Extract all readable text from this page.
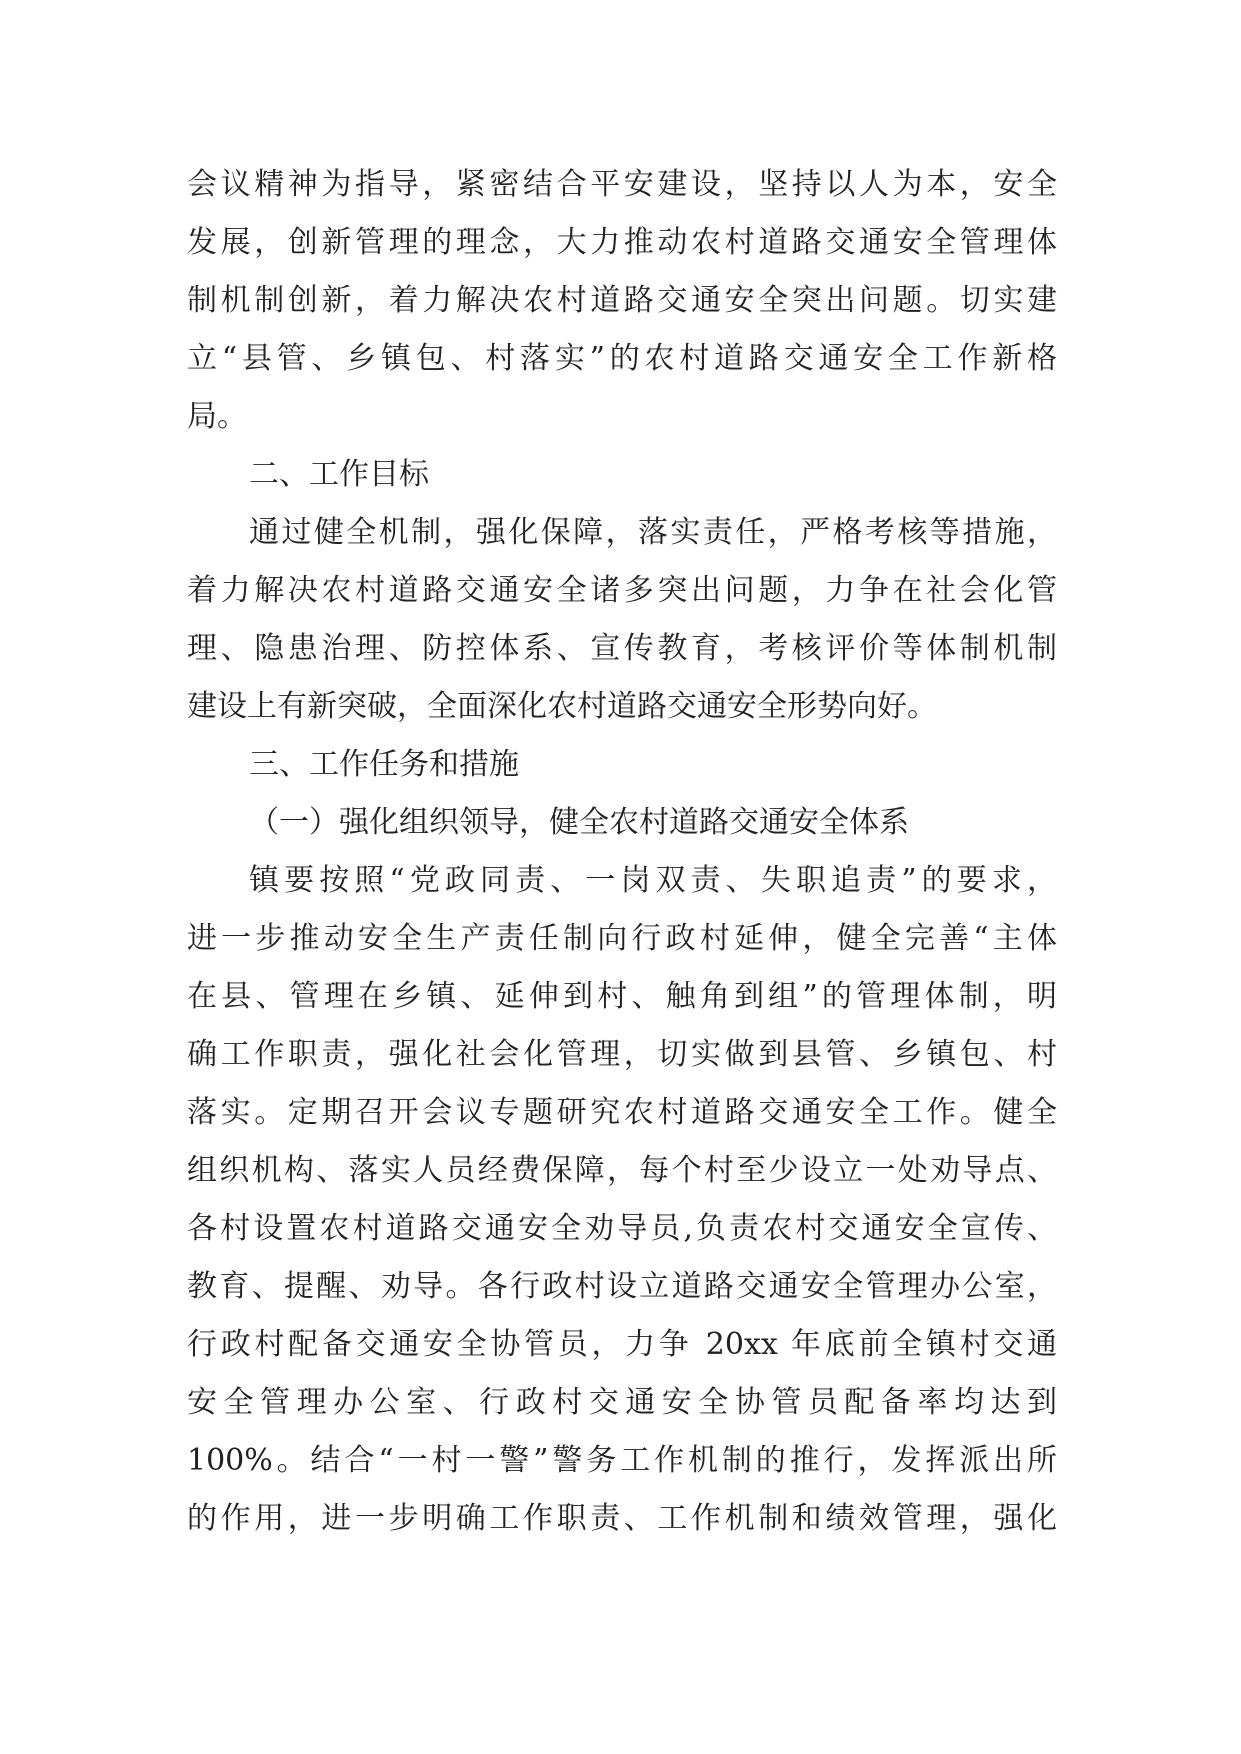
会议精神为指导，紧密结合平安建设，坚持以人为本，安全
发展，创新管理的理念，大力推动农村道路交通安全管理体
制机制创新，着力解决农村道路交通安全突出问题。切实建
立“县管、乡镇包、村落实”的农村道路交通安全工作新格
局。
二、工作目标
通过健全机制，强化保障，落实责任，严格考核等措施，
着力解决农村道路交通安全诸多突出问题，力争在社会化管
理、隐患治理、防控体系、宣传教育，考核评价等体制机制
建设上有新突破，全面深化农村道路交通安全形势向好。
三、工作任务和措施
（一）强化组织领导，健全农村道路交通安全体系
镇要按照“党政同责、一岗双责、失职追责”的要求，
进一步推动安全生产责任制向行政村延伸，健全完善“主体
在县、管理在乡镇、延伸到村、触角到组”的管理体制，明
确工作职责，强化社会化管理，切实做到县管、乡镇包、村
落实。定期召开会议专题研究农村道路交通安全工作。健全
组织机构、落实人员经费保障，每个村至少设立一处劝导点、
各村设置农村道路交通安全劝导员,负责农村交通安全宣传、
教育、提醒、劝导。各行政村设立道路交通安全管理办公室，
行政村配备交通安全协管员，力争 20xx 年底前全镇村交通
安全管理办公室、行政村交通安全协管员配备率均达到
100%。结合“一村一警”警务工作机制的推行，发挥派出所
的作用，进一步明确工作职责、工作机制和绩效管理，强化
